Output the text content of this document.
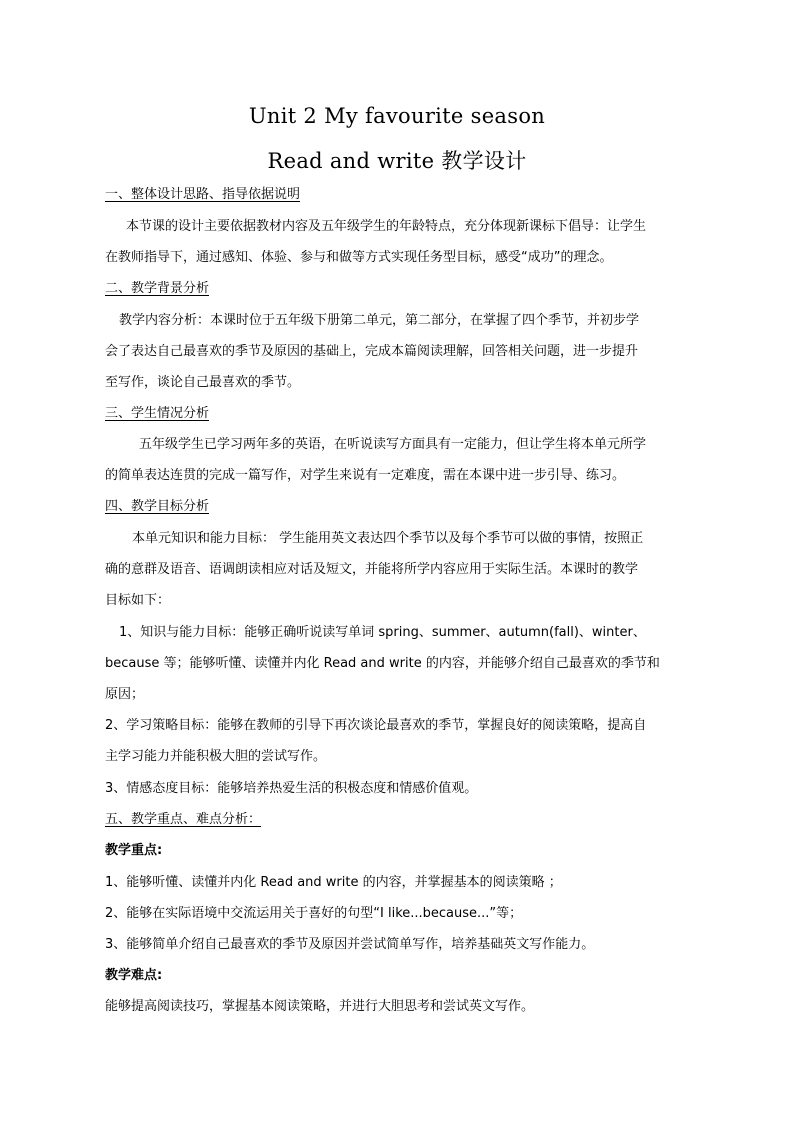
Unit 2 My favourite season
Read and write 教学设计
一、整体设计思路、指导依据说明
本节课的设计主要依据教材内容及五年级学生的年龄特点，充分体现新课标下倡导：让学生
在教师指导下，通过感知、体验、参与和做等方式实现任务型目标，感受“成功”的理念。
二、教学背景分析
教学内容分析：本课时位于五年级下册第二单元，第二部分，在掌握了四个季节，并初步学
会了表达自己最喜欢的季节及原因的基础上，完成本篇阅读理解，回答相关问题，进一步提升
至写作，谈论自己最喜欢的季节。
三、学生情况分析
五年级学生已学习两年多的英语，在听说读写方面具有一定能力，但让学生将本单元所学
的简单表达连贯的完成一篇写作，对学生来说有一定难度，需在本课中进一步引导、练习。
四、教学目标分析
本单元知识和能力目标： 学生能用英文表达四个季节以及每个季节可以做的事情，按照正
确的意群及语音、语调朗读相应对话及短文，并能将所学内容应用于实际生活。本课时的教学
目标如下：
1、知识与能力目标：能够正确听说读写单词 spring、summer、autumn(fall)、winter、
because 等；能够听懂、读懂并内化 Read and write 的内容，并能够介绍自己最喜欢的季节和
原因；
2、学习策略目标：能够在教师的引导下再次谈论最喜欢的季节，掌握良好的阅读策略，提高自
主学习能力并能积极大胆的尝试写作。
3、情感态度目标：能够培养热爱生活的积极态度和情感价值观。
五、教学重点、难点分析：
教学重点:
1、能够听懂、读懂并内化 Read and write 的内容，并掌握基本的阅读策略 ；
2、能够在实际语境中交流运用关于喜好的句型“I like...because...”等；
3、能够简单介绍自己最喜欢的季节及原因并尝试简单写作，培养基础英文写作能力。
教学难点:
能够提高阅读技巧，掌握基本阅读策略，并进行大胆思考和尝试英文写作。
